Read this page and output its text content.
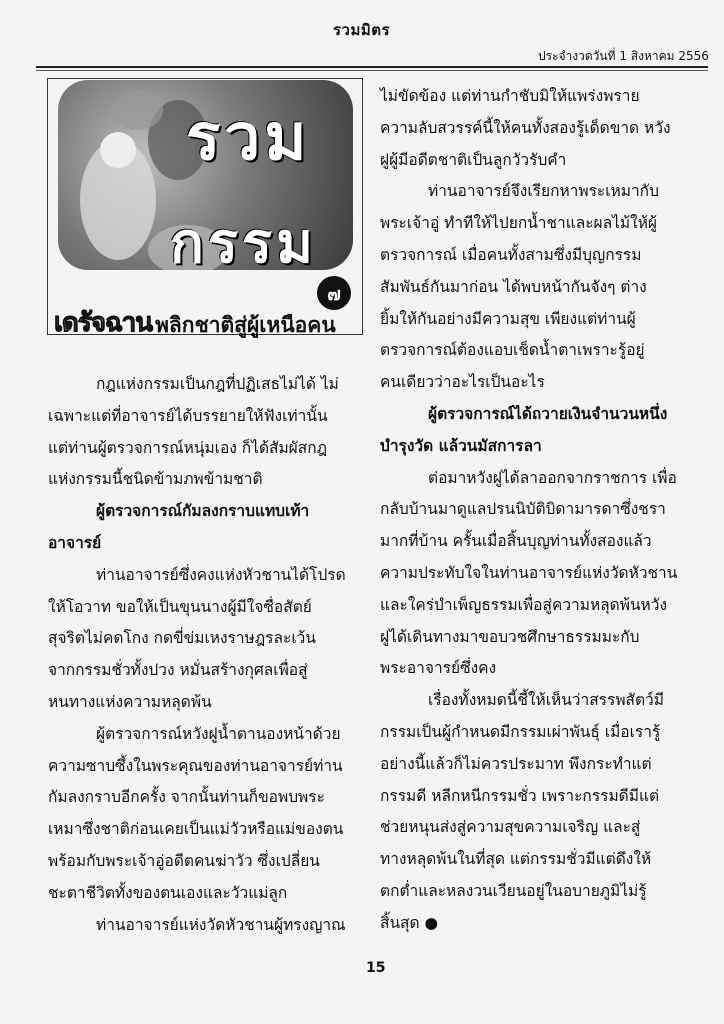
รวมมิตร
ประจำงวดวันที่ 1 สิงหาคม 2556
รวม
กรรม
๗
เดรัจฉาน พลิกชาติสู่ผู้เหนือคน

กฎแห่งกรรมเป็นกฎที่ปฏิเสธไม่ได้ ไม่

เฉพาะแต่ที่อาจารย์ได้บรรยายให้ฟังเท่านั้น

แต่ท่านผู้ตรวจการณ์หนุ่มเอง ก็ได้สัมผัสกฎ

แห่งกรรมนี้ชนิดข้ามภพข้ามชาติ

ผู้ตรวจการณ์กัมลงกราบแทบเท้า

อาจารย์

ท่านอาจารย์ซึ่งคงแห่งหัวชานได้โปรด

ให้โอวาท ขอให้เป็นขุนนางผู้มีใจซื่อสัตย์

สุจริตไม่คดโกง กดขี่ข่มเหงราษฎรละเว้น

จากกรรมชั่วทั้งปวง หมั่นสร้างกุศลเพื่อสู่

หนทางแห่งความหลุดพ้น

ผู้ตรวจการณ์หวังฝูน้ำตานองหน้าด้วย

ความซาบซึ้งในพระคุณของท่านอาจารย์ท่าน

กัมลงกราบอีกครั้ง จากนั้นท่านก็ขอพบพระ

เหมาซึ่งชาติก่อนเคยเป็นแม่วัวหรือแม่ของตน

พร้อมกับพระเจ้าอู่อดีตคนฆ่าวัว ซึ่งเปลี่ยน

ชะตาชีวิตทั้งของตนเองและวัวแม่ลูก

ท่านอาจารย์แห่งวัดหัวชานผู้ทรงญาณ

ไม่ขัดข้อง แต่ท่านกำชับมิให้แพร่งพราย

ความลับสวรรค์นี้ให้คนทั้งสองรู้เด็ดขาด หวัง

ฝูผู้มีอดีตชาติเป็นลูกวัวรับคำ

ท่านอาจารย์จึงเรียกหาพระเหมากับ

พระเจ้าอู่ ทำทีให้ไปยกน้ำชาและผลไม้ให้ผู้

ตรวจการณ์ เมื่อคนทั้งสามซึ่งมีบุญกรรม

สัมพันธ์กันมาก่อน ได้พบหน้ากันจังๆ ต่าง

ยิ้มให้กันอย่างมีความสุข เพียงแต่ท่านผู้

ตรวจการณ์ต้องแอบเช็ดน้ำตาเพราะรู้อยู่

คนเดียวว่าอะไรเป็นอะไร

ผู้ตรวจการณ์ได้ถวายเงินจำนวนหนึ่ง

บำรุงวัด แล้วนมัสการลา

ต่อมาหวังฝูได้ลาออกจากราชการ เพื่อ

กลับบ้านมาดูแลปรนนิบัติบิดามารดาซึ่งชรา

มากที่บ้าน ครั้นเมื่อสิ้นบุญท่านทั้งสองแล้ว

ความประทับใจในท่านอาจารย์แห่งวัดหัวชาน

และใคร่บำเพ็ญธรรมเพื่อสู่ความหลุดพ้นหวัง

ฝูได้เดินทางมาขอบวชศึกษาธรรมมะกับ

พระอาจารย์ซึ่งคง

เรื่องทั้งหมดนี้ชี้ให้เห็นว่าสรรพสัตว์มี

กรรมเป็นผู้กำหนดมีกรรมเผ่าพันธุ์ เมื่อเรารู้

อย่างนี้แล้วก็ไม่ควรประมาท พึงกระทำแต่

กรรมดี หลีกหนีกรรมชั่ว เพราะกรรมดีมีแต่

ช่วยหนุนส่งสู่ความสุขความเจริญ และสู่

ทางหลุดพ้นในที่สุด แต่กรรมชั่วมีแต่ดึงให้

ตกต่ำและหลงวนเวียนอยู่ในอบายภูมิไม่รู้

สิ้นสุด ●

15
